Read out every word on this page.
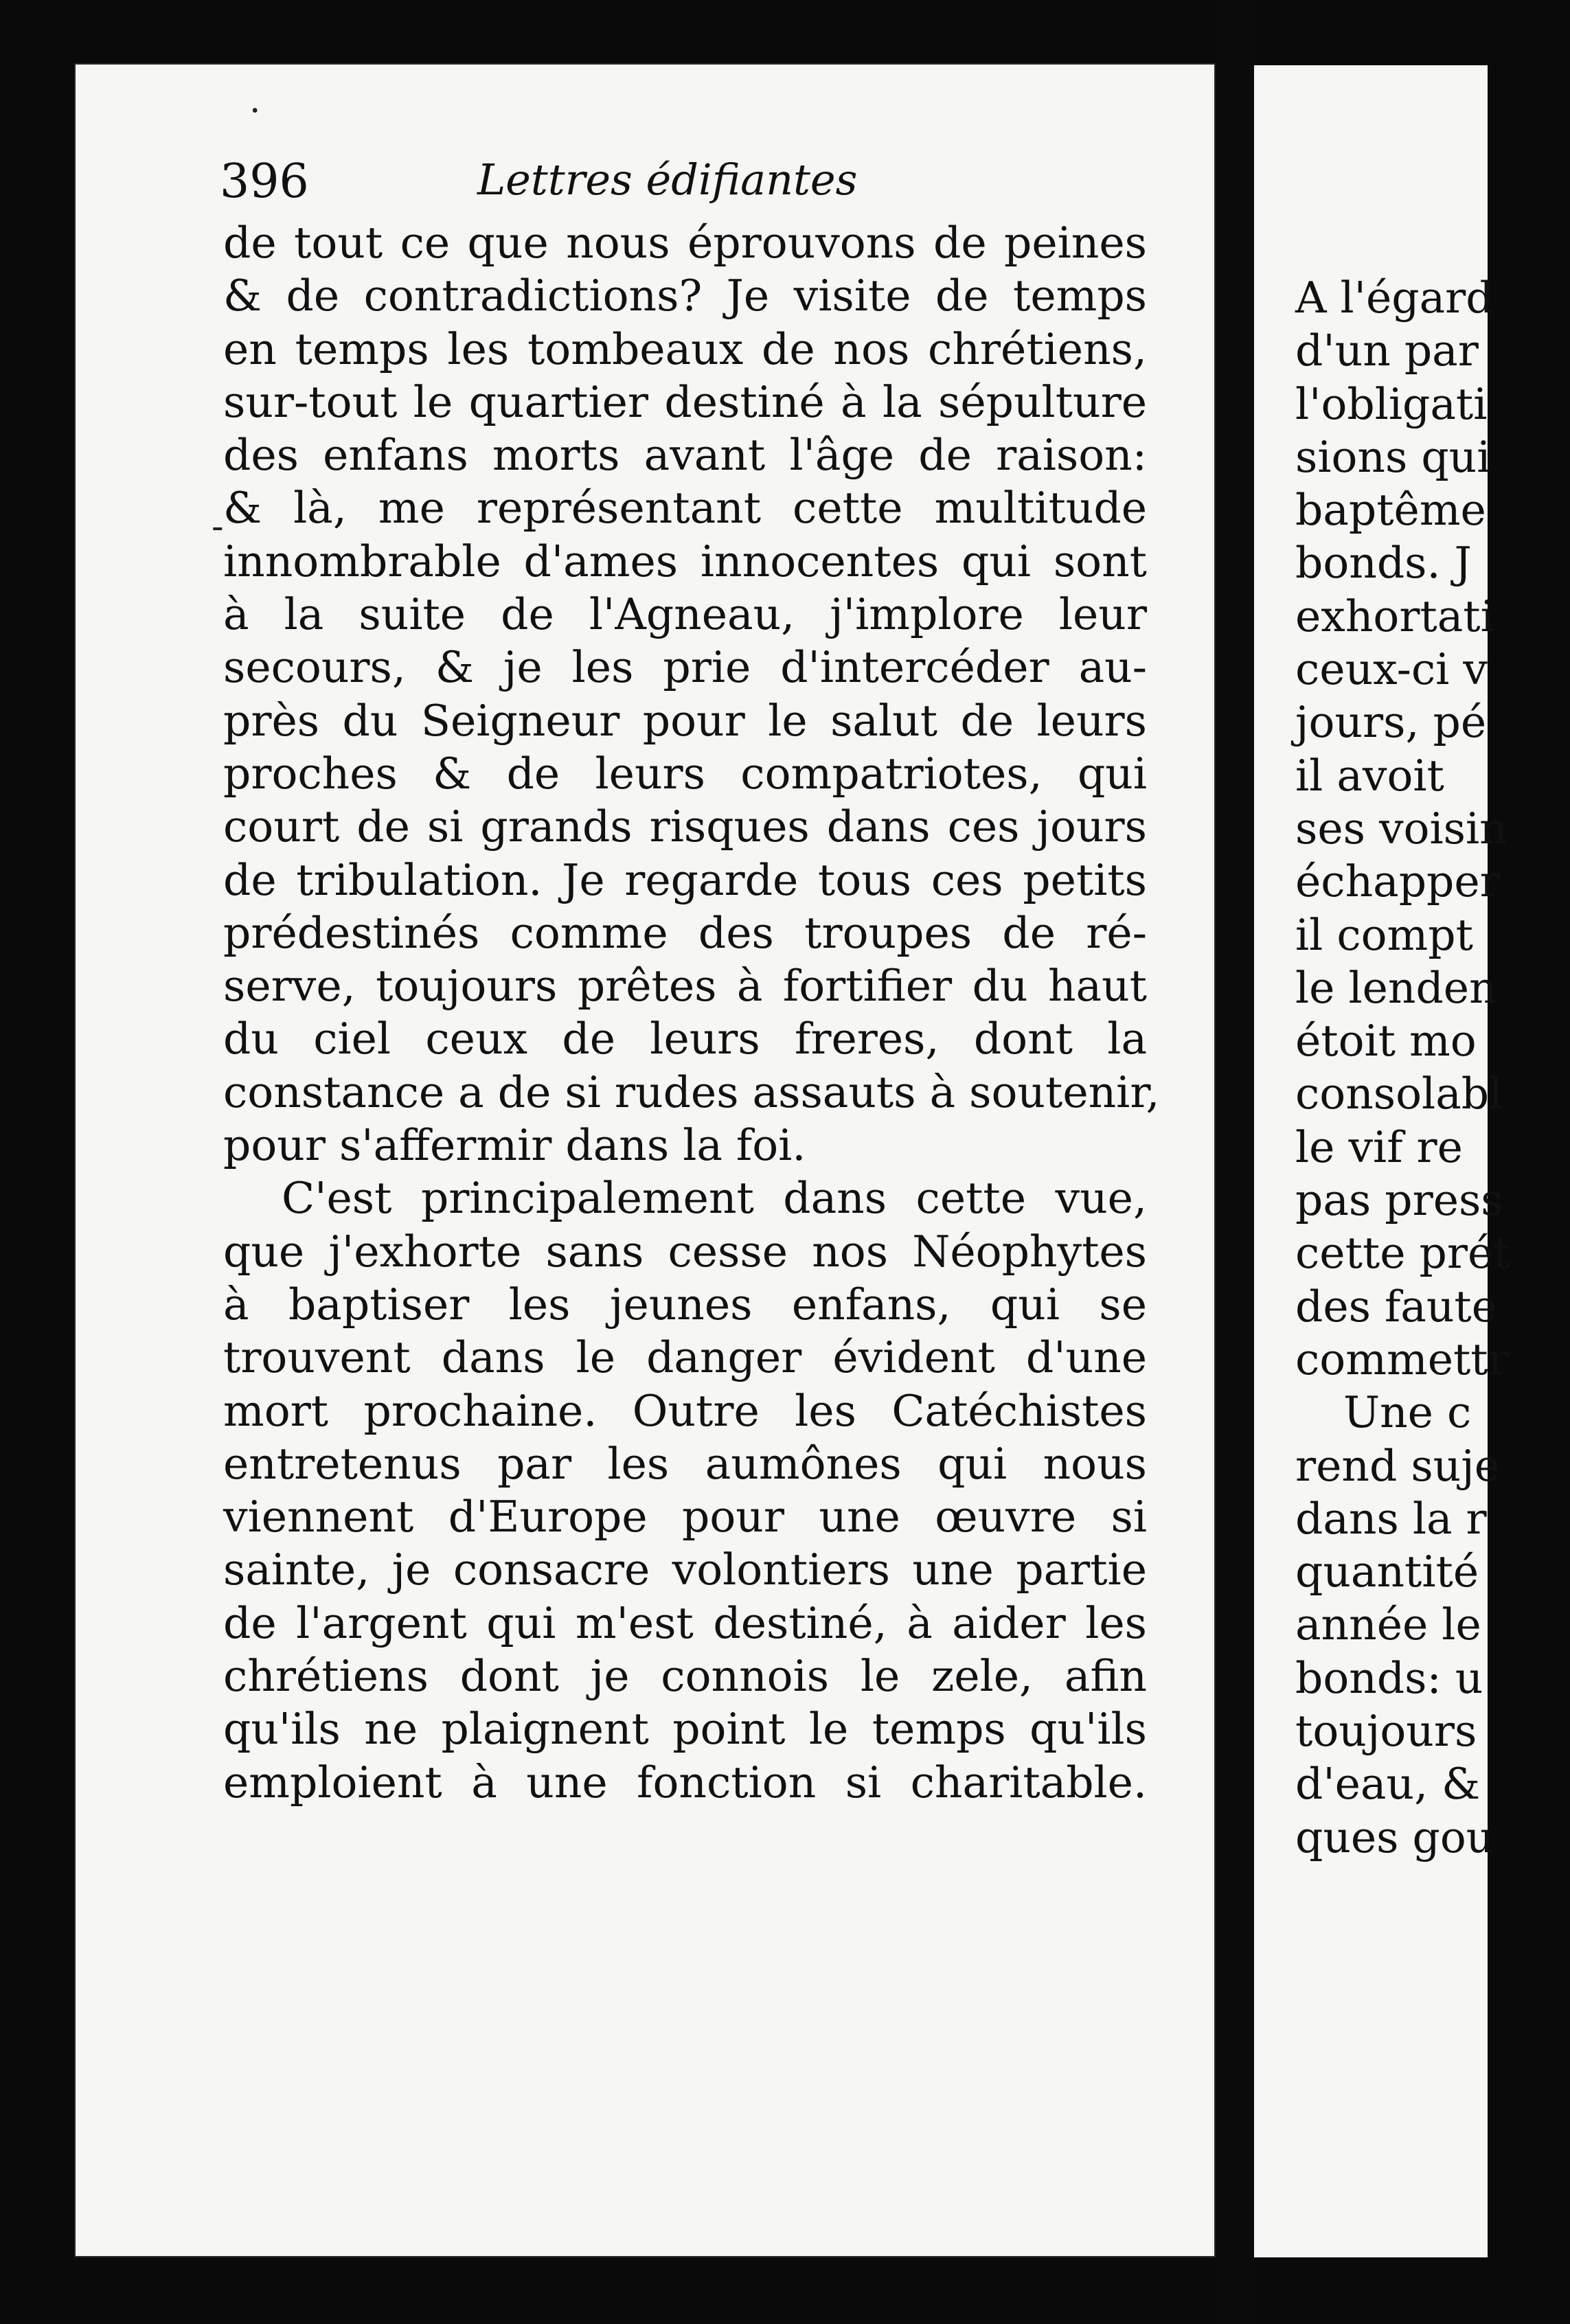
·
-
396	Lettres édifiantes
de tout ce que nous éprouvons de peines
& de contradictions? Je visite de temps
en temps les tombeaux de nos chrétiens,
sur-tout le quartier destiné à la sépulture
des enfans morts avant l'âge de raison:
& là, me représentant cette multitude
innombrable d'ames innocentes qui sont
à la suite de l'Agneau, j'implore leur
secours, & je les prie d'intercéder au-
près du Seigneur pour le salut de leurs
proches & de leurs compatriotes, qui
court de si grands risques dans ces jours
de tribulation. Je regarde tous ces petits
prédestinés comme des troupes de ré-
serve, toujours prêtes à fortifier du haut
du ciel ceux de leurs freres, dont la
constance a de si rudes assauts à soutenir,
pour s'affermir dans la foi.
C'est principalement dans cette vue,
que j'exhorte sans cesse nos Néophytes
à baptiser les jeunes enfans, qui se
trouvent dans le danger évident d'une
mort prochaine. Outre les Catéchistes
entretenus par les aumônes qui nous
viennent d'Europe pour une œuvre si
sainte, je consacre volontiers une partie
de l'argent qui m'est destiné, à aider les
chrétiens dont je connois le zele, afin
qu'ils ne plaignent point le temps qu'ils
emploient à une fonction si charitable.
A l'égard
d'un par
l'obligati
sions qui
baptême
bonds. J
exhortati
ceux-ci v
jours, pé
il avoit
ses voisin
échapper
il compt
le lenden
étoit mo
consolabl
le vif re
pas press
cette prét
des faute
commettr
Une c
rend suje
dans la r
quantité
année le
bonds: u
toujours
d'eau, &
ques gou
